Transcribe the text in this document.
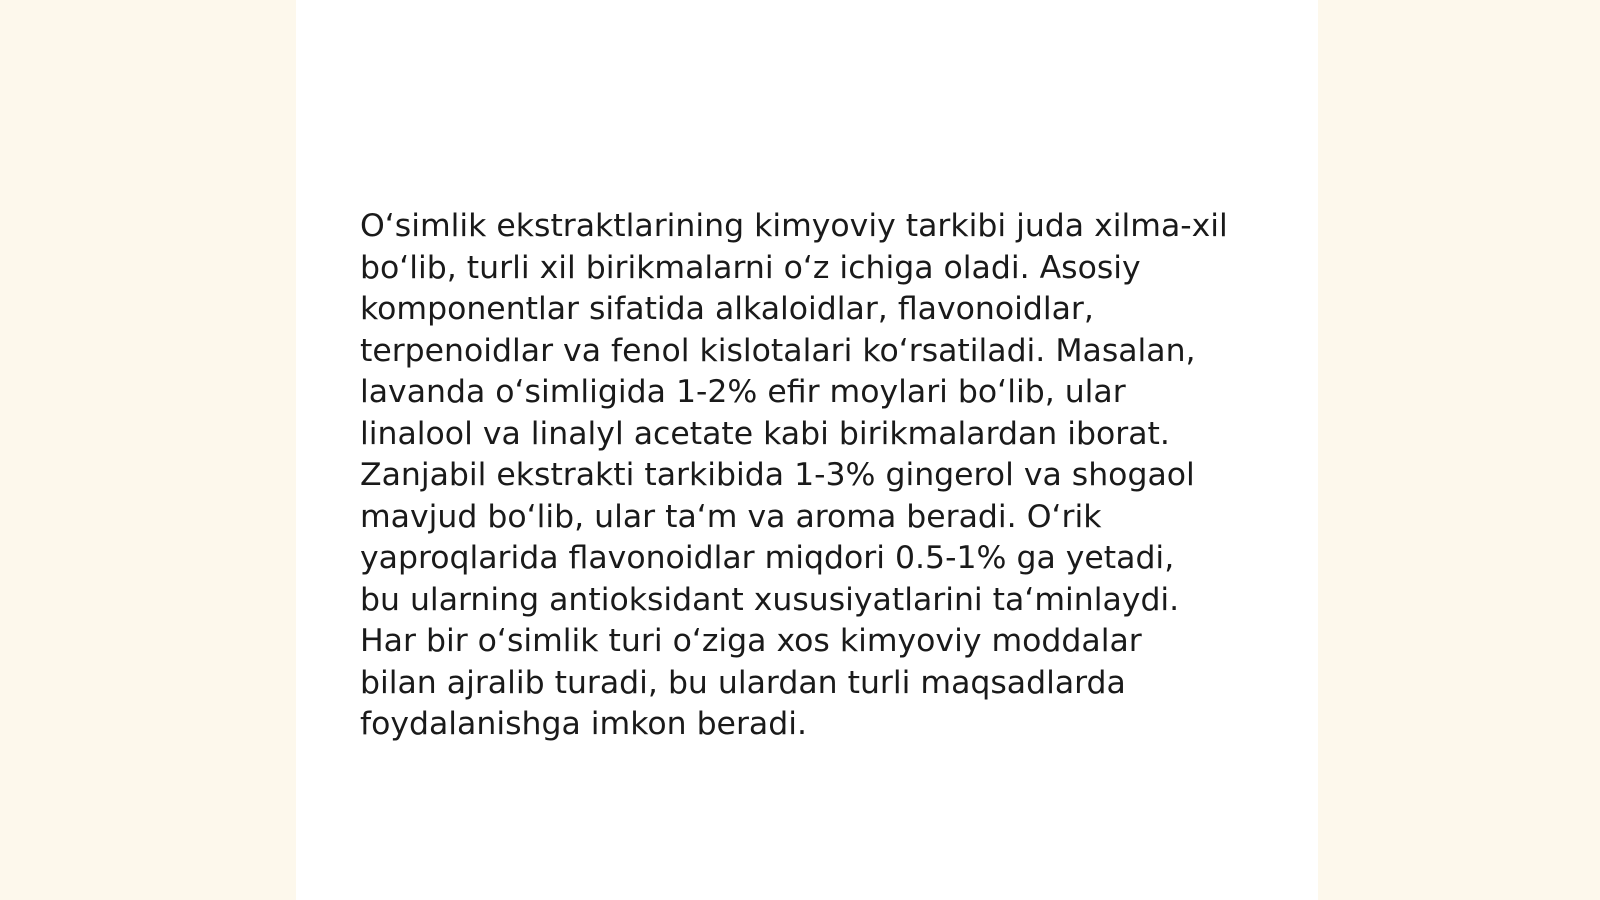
O‘simlik ekstraktlarining kimyoviy tarkibi juda xilma-xil
bo‘lib, turli xil birikmalarni o‘z ichiga oladi. Asosiy
komponentlar sifatida alkaloidlar, flavonoidlar,
terpenoidlar va fenol kislotalari ko‘rsatiladi. Masalan,
lavanda o‘simligida 1-2% efir moylari bo‘lib, ular
linalool va linalyl acetate kabi birikmalardan iborat.
Zanjabil ekstrakti tarkibida 1-3% gingerol va shogaol
mavjud bo‘lib, ular ta‘m va aroma beradi. O‘rik
yaproqlarida flavonoidlar miqdori 0.5-1% ga yetadi,
bu ularning antioksidant xususiyatlarini ta‘minlaydi.
Har bir o‘simlik turi o‘ziga xos kimyoviy moddalar
bilan ajralib turadi, bu ulardan turli maqsadlarda
foydalanishga imkon beradi.
